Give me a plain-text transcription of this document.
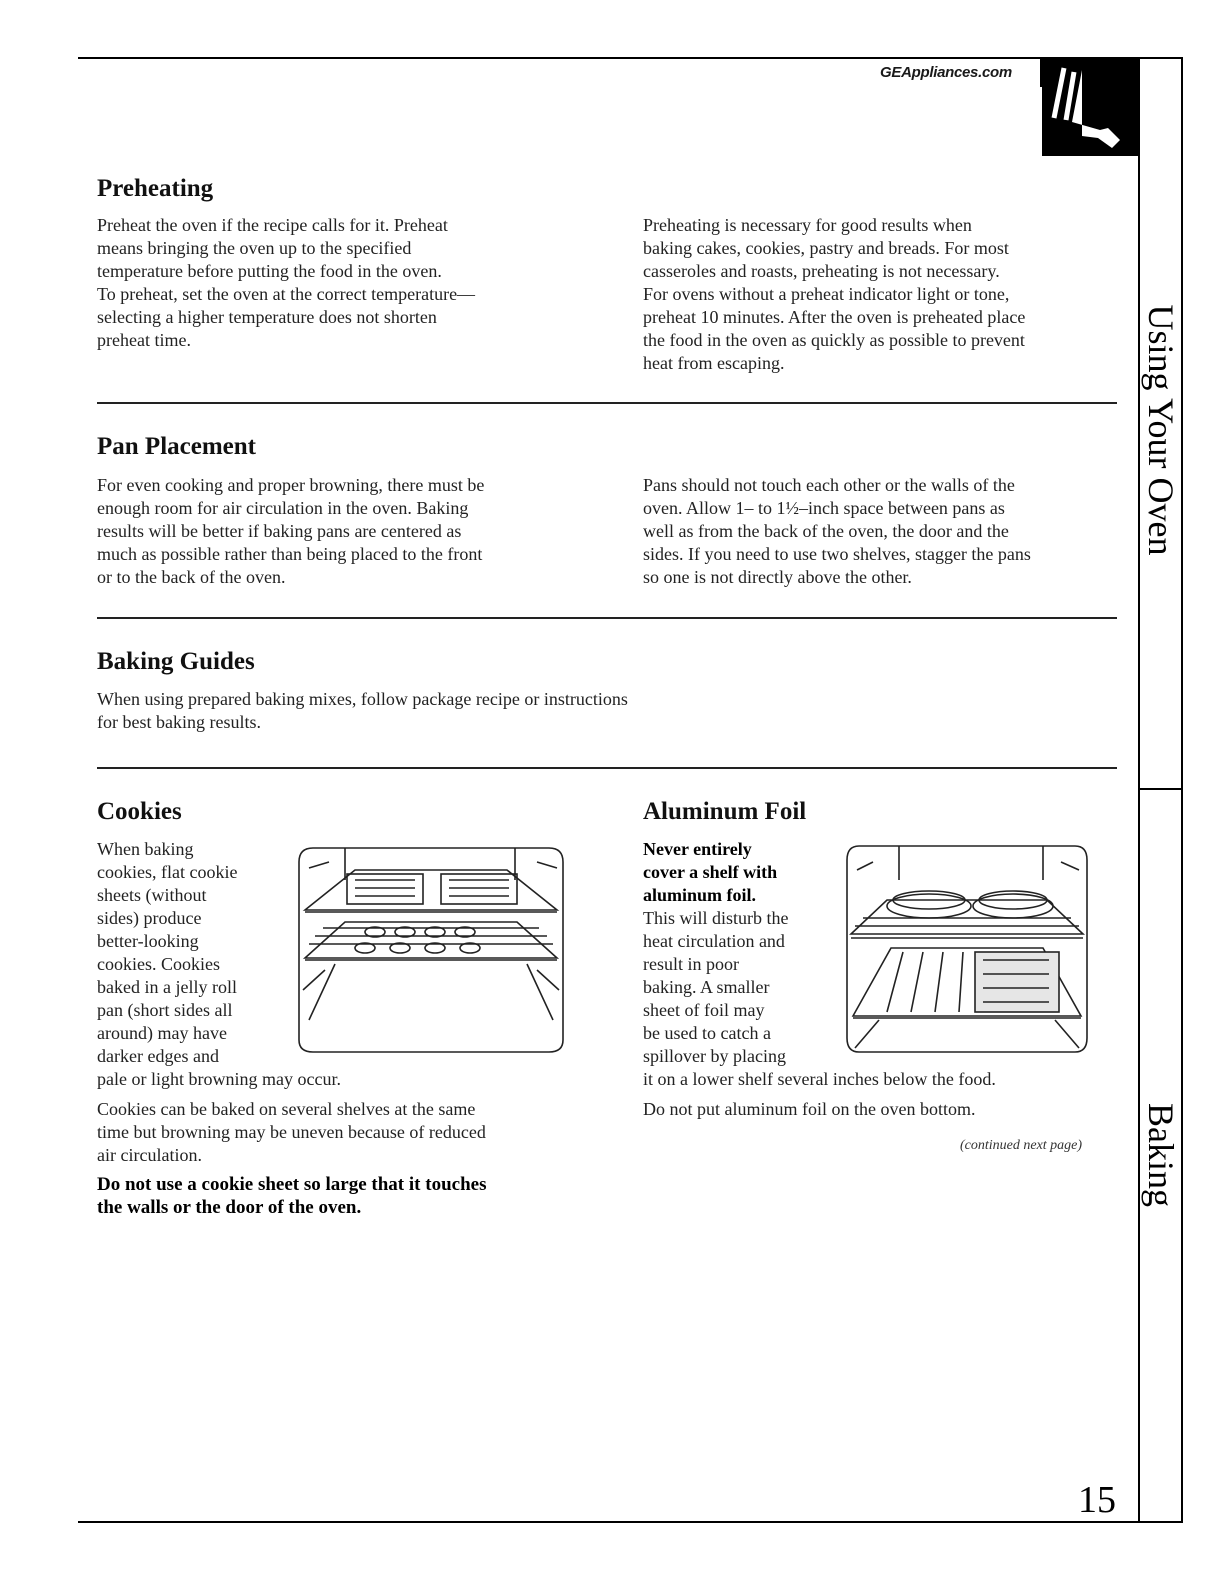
GEAppliances.com
Using Your Oven
Baking
Preheating
Preheat the oven if the recipe calls for it. Preheat
means bringing the oven up to the specified
temperature before putting the food in the oven.
To preheat, set the oven at the correct temperature—
selecting a higher temperature does not shorten
preheat time.
Preheating is necessary for good results when
baking cakes, cookies, pastry and breads. For most
casseroles and roasts, preheating is not necessary.
For ovens without a preheat indicator light or tone,
preheat 10 minutes. After the oven is preheated place
the food in the oven as quickly as possible to prevent
heat from escaping.
Pan Placement
For even cooking and proper browning, there must be
enough room for air circulation in the oven. Baking
results will be better if baking pans are centered as
much as possible rather than being placed to the front
or to the back of the oven.
Pans should not touch each other or the walls of the
oven. Allow 1– to 1½–inch space between pans as
well as from the back of the oven, the door and the
sides. If you need to use two shelves, stagger the pans
so one is not directly above the other.
Baking Guides
When using prepared baking mixes, follow package recipe or instructions
for best baking results.
Cookies
When baking
cookies, flat cookie
sheets (without
sides) produce
better-looking
cookies. Cookies
baked in a jelly roll
pan (short sides all
around) may have
darker edges and
pale or light browning may occur.
Cookies can be baked on several shelves at the same
time but browning may be uneven because of reduced
air circulation.
Do not use a cookie sheet so large that it touches
the walls or the door of the oven.
Aluminum Foil
Never entirely
cover a shelf with
aluminum foil.
This will disturb the
heat circulation and
result in poor
baking. A smaller
sheet of foil may
be used to catch a
spillover by placing
it on a lower shelf several inches below the food.
Do not put aluminum foil on the oven bottom.
(continued next page)
15
